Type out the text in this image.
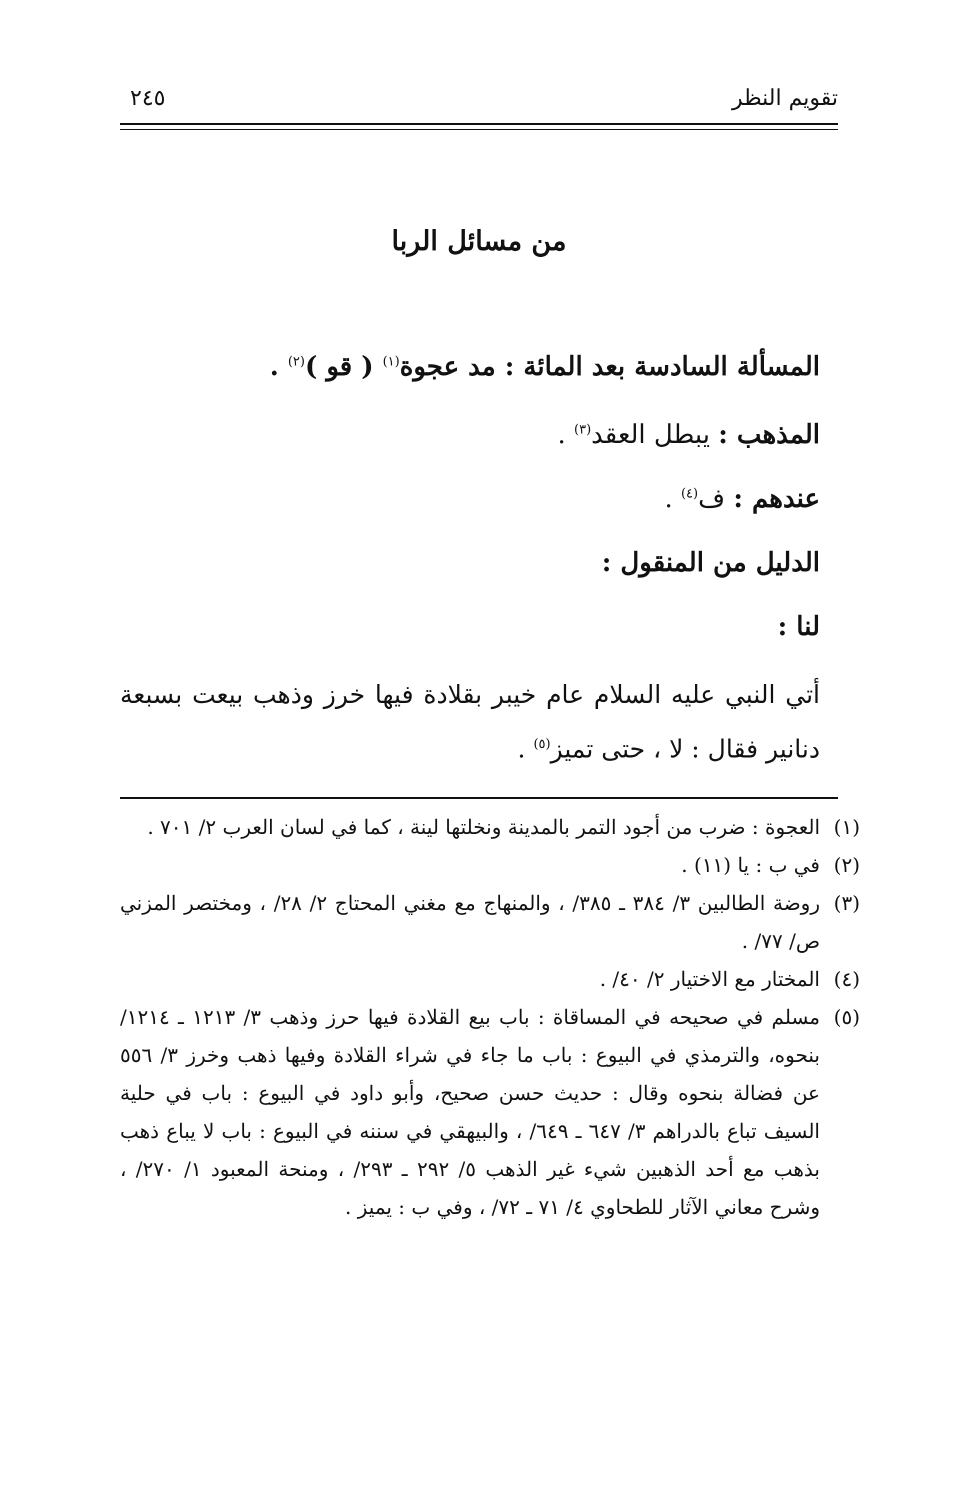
تقويم النظر
٢٤٥
من مسائل الربا
المسألة السادسة بعد المائة : مد عجوة$^{(١)}$ ( قو )$^{(٢)}$ .
المذهب : يبطل العقد$^{(٣)}$ .
عندهم : ف$^{(٤)}$ .
الدليل من المنقول :
لنا :
أتي النبي عليه السلام عام خيبر بقلادة فيها خرز وذهب بيعت بسبعة دنانير فقال : لا ، حتى تميز$^{(٥)}$ .
(١)
العجوة : ضرب من أجود التمر بالمدينة ونخلتها لينة ، كما في لسان العرب ٢/ ٧٠١ .
(٢)
في ب : يا (١١) .
(٣)
روضة الطالبين ٣/ ٣٨٤ ـ ٣٨٥/ ، والمنهاج مع مغني المحتاج ٢/ ٢٨/ ، ومختصر المزني ص/ ٧٧/ .
(٤)
المختار مع الاختيار ٢/ ٤٠/ .
(٥)
مسلم في صحيحه في المساقاة : باب بيع القلادة فيها حرز وذهب ٣/ ١٢١٣ ـ ١٢١٤/ بنحوه، والترمذي في البيوع : باب ما جاء في شراء القلادة وفيها ذهب وخرز ٣/ ٥٥٦ عن فضالة بنحوه وقال : حديث حسن صحيح، وأبو داود في البيوع : باب في حلية السيف تباع بالدراهم ٣/ ٦٤٧ ـ ٦٤٩/ ، والبيهقي في سننه في البيوع : باب لا يباع ذهب بذهب مع أحد الذهبين شيء غير الذهب ٥/ ٢٩٢ ـ ٢٩٣/ ، ومنحة المعبود ١/ ٢٧٠/ ، وشرح معاني الآثار للطحاوي ٤/ ٧١ ـ ٧٢/ ، وفي ب : يميز .
